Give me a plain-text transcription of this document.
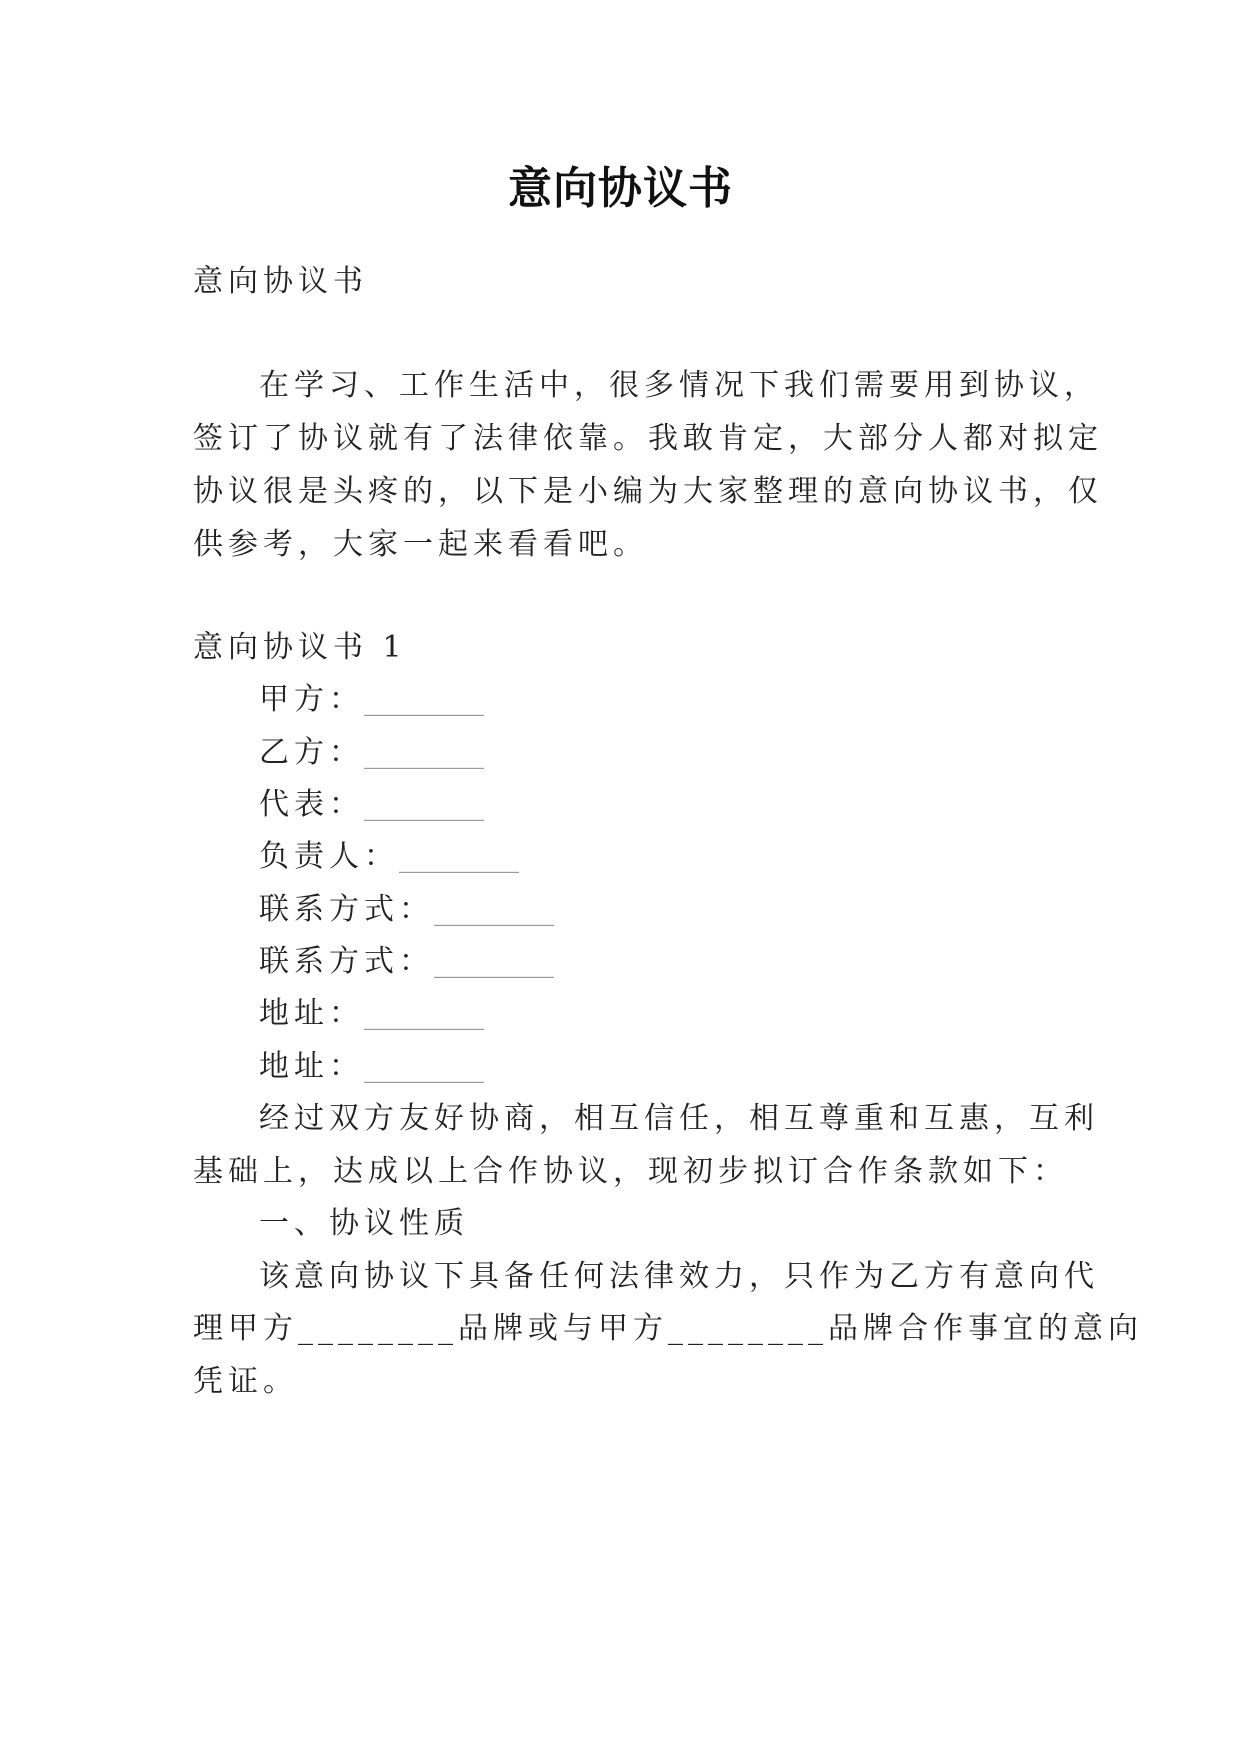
意向协议书
意向协议书
在学习、工作生活中，很多情况下我们需要用到协议，
签订了协议就有了法律依靠。我敢肯定，大部分人都对拟定
协议很是头疼的，以下是小编为大家整理的意向协议书，仅
供参考，大家一起来看看吧。
意向协议书 1
甲方：________
乙方：________
代表：________
负责人：________
联系方式：________
联系方式：________
地址：________
地址：________
经过双方友好协商，相互信任，相互尊重和互惠，互利
基础上，达成以上合作协议，现初步拟订合作条款如下：
一、协议性质
该意向协议下具备任何法律效力，只作为乙方有意向代
理甲方________品牌或与甲方________品牌合作事宜的意向
凭证。
